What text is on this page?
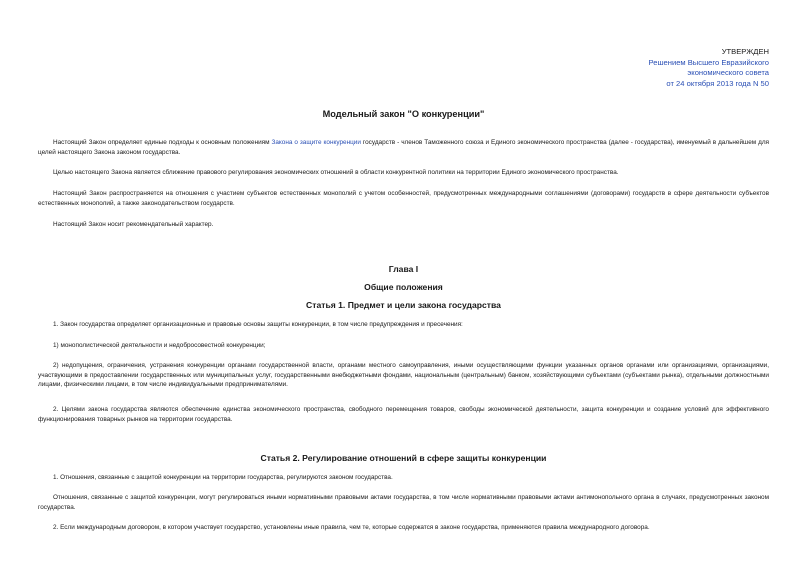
УТВЕРЖДЕН
Решением Высшего Евразийского
экономического совета
от 24 октября 2013 года N 50
Модельный закон "О конкуренции"

Настоящий Закон определяет единые подходы к основным положениям Закона о защите конкуренции государств - членов Таможенного союза и Единого экономического пространства (далее - государства), именуемый в дальнейшем для целей настоящего Закона законом государства.

Целью настоящего Закона является сближение правового регулирования экономических отношений в области конкурентной политики на территории Единого экономического пространства.

Настоящий Закон распространяется на отношения с участием субъектов естественных монополий с учетом особенностей, предусмотренных международными соглашениями (договорами) государств в сфере деятельности субъектов естественных монополий, а также законодательством государств.

Настоящий Закон носит рекомендательный характер.

Глава I
Общие положения
Статья 1. Предмет и цели закона государства

1. Закон государства определяет организационные и правовые основы защиты конкуренции, в том числе предупреждения и пресечения:

1) монополистической деятельности и недобросовестной конкуренции;

2) недопущения, ограничения, устранения конкуренции органами государственной власти, органами местного самоуправления, иными осуществляющими функции указанных органов органами или организациями, организациями, участвующими в предоставлении государственных или муниципальных услуг, государственными внебюджетными фондами, национальным (центральным) банком, хозяйствующими субъектами (субъектами рынка), отдельными должностными лицами, физическими лицами, в том числе индивидуальными предпринимателями.

2. Целями закона государства являются обеспечение единства экономического пространства, свободного перемещения товаров, свободы экономической деятельности, защита конкуренции и создание условий для эффективного функционирования товарных рынков на территории государства.

Статья 2. Регулирование отношений в сфере защиты конкуренции

1. Отношения, связанные с защитой конкуренции на территории государства, регулируются законом государства.

Отношения, связанные с защитой конкуренции, могут регулироваться иными нормативными правовыми актами государства, в том числе нормативными правовыми актами антимонопольного органа в случаях, предусмотренных законом государства.

2. Если международным договором, в котором участвует государство, установлены иные правила, чем те, которые содержатся в законе государства, применяются правила международного договора.
